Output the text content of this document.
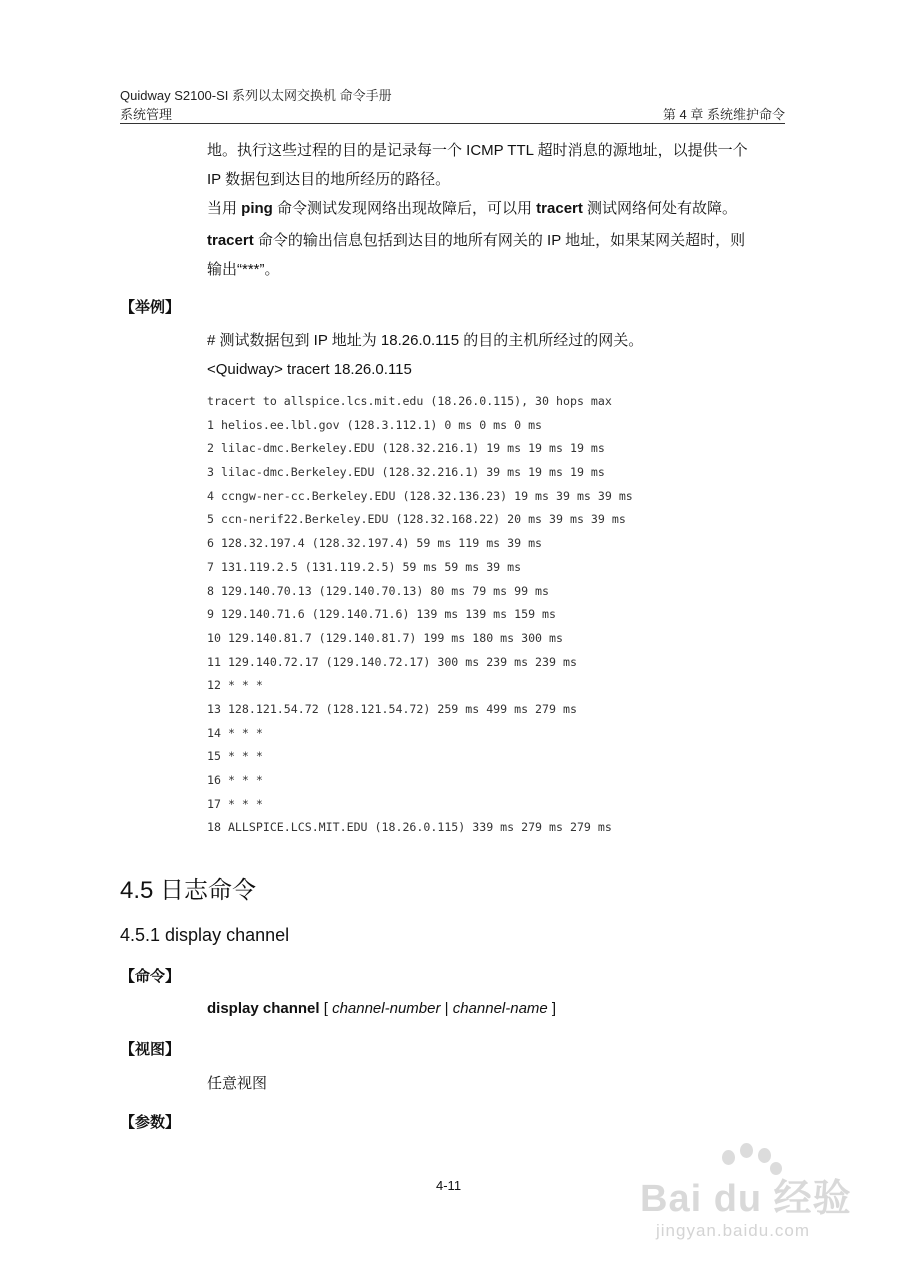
Quidway S2100-SI 系列以太网交换机 命令手册
系统管理	第 4 章 系统维护命令
地。执行这些过程的目的是记录每一个 ICMP TTL 超时消息的源地址，以提供一个
IP 数据包到达目的地所经历的路径。
当用 ping 命令测试发现网络出现故障后，可以用 tracert 测试网络何处有故障。
tracert 命令的输出信息包括到达目的地所有网关的 IP 地址，如果某网关超时，则
输出“***”。
【举例】
# 测试数据包到 IP 地址为 18.26.0.115 的目的主机所经过的网关。
<Quidway> tracert 18.26.0.115
tracert to allspice.lcs.mit.edu (18.26.0.115), 30 hops max
1 helios.ee.lbl.gov (128.3.112.1) 0 ms 0 ms 0 ms
2 lilac-dmc.Berkeley.EDU (128.32.216.1) 19 ms 19 ms 19 ms
3 lilac-dmc.Berkeley.EDU (128.32.216.1) 39 ms 19 ms 19 ms
4 ccngw-ner-cc.Berkeley.EDU (128.32.136.23) 19 ms 39 ms 39 ms
5 ccn-nerif22.Berkeley.EDU (128.32.168.22) 20 ms 39 ms 39 ms
6 128.32.197.4 (128.32.197.4) 59 ms 119 ms 39 ms
7 131.119.2.5 (131.119.2.5) 59 ms 59 ms 39 ms
8 129.140.70.13 (129.140.70.13) 80 ms 79 ms 99 ms
9 129.140.71.6 (129.140.71.6) 139 ms 139 ms 159 ms
10 129.140.81.7 (129.140.81.7) 199 ms 180 ms 300 ms
11 129.140.72.17 (129.140.72.17) 300 ms 239 ms 239 ms
12 * * *
13 128.121.54.72 (128.121.54.72) 259 ms 499 ms 279 ms
14 * * *
15 * * *
16 * * *
17 * * *
18 ALLSPICE.LCS.MIT.EDU (18.26.0.115) 339 ms 279 ms 279 ms
4.5 日志命令
4.5.1 display channel
【命令】
display channel [ channel-number | channel-name ]
【视图】
任意视图
【参数】
4-11	Bai du 经验
jingyan.baidu.com
